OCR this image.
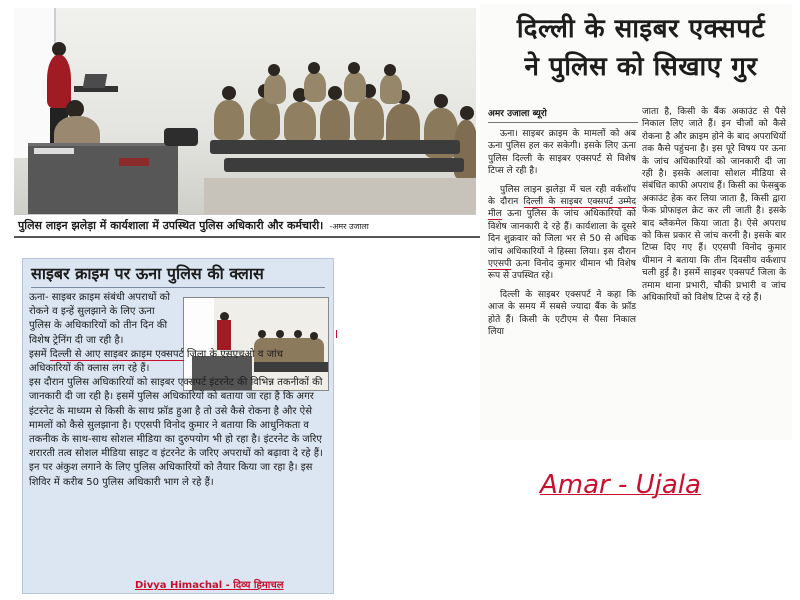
पुलिस लाइन झलेड़ा में कार्यशाला में उपस्थित पुलिस अधिकारी और कर्मचारी। -अमर उजाला
दिल्ली के साइबर एक्सपर्ट
ने पुलिस को सिखाए गुर
अमर उजाला ब्यूरो

ऊना। साइबर क्राइम के मामलों को अब ऊना पुलिस हल कर सकेगी। इसके लिए ऊना पुलिस दिल्ली के साइबर एक्सपर्ट से विशेष टिप्स ले रही है।

पुलिस लाइन झलेड़ा में चल रही वर्कशॉप के दौरान दिल्ली के साइबर एक्सपर्ट उम्मेद मील ऊना पुलिस के जांच अधिकारियों को विशेष जानकारी दे रहे हैं। कार्यशाला के दूसरे दिन शुक्रवार को जिला भर से 50 से अधिक जांच अधिकारियों ने हिस्सा लिया। इस दौरान एएसपी ऊना विनोद कुमार धीमान भी विशेष रूप से उपस्थित रहे।

दिल्ली के साइबर एक्सपर्ट ने कहा कि आज के समय में सबसे ज्यादा बैंक के फ्रॉड होते हैं। किसी के एटीएम से पैसा निकाल लिया

जाता है, किसी के बैंक अकाउंट से पैसे निकाल लिए जाते हैं। इन चीजों को कैसे रोकना है और क्राइम होने के बाद अपराधियों तक कैसे पहुंचना है। इस पूरे विषय पर ऊना के जांच अधिकारियों को जानकारी दी जा रही है। इसके अलावा सोशल मीडिया से संबंधित काफी अपराध हैं। किसी का फेसबुक अकाउंट हेक कर लिया जाता है, किसी द्वारा फेक प्रोफाइल क्रेट कर ली जाती है। इसके बाद ब्लैकमेल किया जाता है। ऐसे अपराध को किस प्रकार से जांच करनी है। इसके बार टिप्स दिए गए हैं। एएसपी विनोद कुमार धीमान ने बताया कि तीन दिवसीय वर्कशाप चली हुई है। इसमें साइबर एक्सपर्ट जिला के तमाम थाना प्रभारी, चौकी प्रभारी व जांच अधिकारियों को विशेष टिप्स दे रहे हैं।

साइबर क्राइम पर ऊना पुलिस की क्लास

ऊना- साइबर क्राइम संबंधी अपराधों को रोकने व इन्हें सुलझाने के लिए ऊना पुलिस के अधिकारियों को तीन दिन की विशेष ट्रेनिंग दी जा रही है।

इसमें दिल्ली से आए साइबर क्राइम एक्सपर्ट जिला के एसएचओ व जांच अधिकारियों की क्लास लग रहे हैं।

इस दौरान पुलिस अधिकारियों को साइबर एक्सपर्ट इंटरनेट की विभिन्न तकनीकों की जानकारी दी जा रही है। इसमें पुलिस अधिकारियों को बताया जा रहा है कि अगर इंटरनेट के माध्यम से किसी के साथ फ्रॉड हुआ है तो उसे कैसे रोकना है और ऐसे मामलों को कैसे सुलझाना है। एएसपी विनोद कुमार ने बताया कि आधुनिकता व तकनीक के साथ-साथ सोशल मीडिया का दुरुपयोग भी हो रहा है। इंटरनेट के जरिए शरारती तत्व सोशल मीडिया साइट व इंटरनेट के जरिए अपराधों को बढ़ावा दे रहे हैं। इन पर अंकुश लगाने के लिए पुलिस अधिकारियों को तैयार किया जा रहा है। इस शिविर में करीब 50 पुलिस अधिकारी भाग ले रहे हैं।

Divya Himachal - दिव्य हिमाचल
Amar - Ujala
